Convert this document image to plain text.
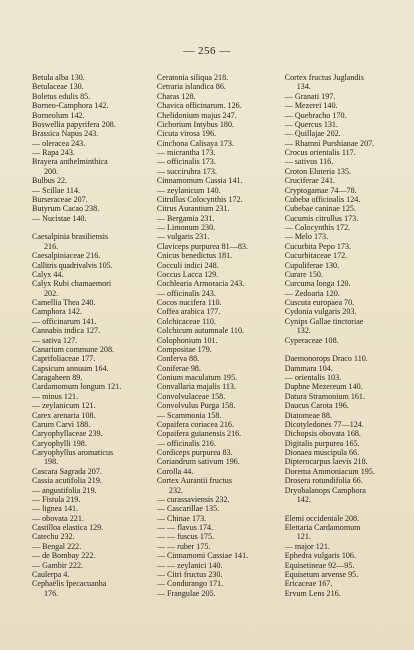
— 256 —
Betula alba 130.
Betulaceae 130.
Boletus edulis 85.
Borneo-Camphora 142.
Borneolum 142.
Boswellia papyrifera 208.
Brassica Napus 243.
— oleracea 243.
— Rapa 243.
Brayera anthelminthica
200.
Bulbus 22.
— Scillae 114.
Burseraceae 207.
Butyrum Cacao 238.
— Nucistae 140.
Caesalpinia brasiliensis
216.
Caesalpiniaceae 216.
Callitris quadrivalvis 105.
Calyx 44.
Calyx Rubi chamaemori
202.
Camellia Thea 240.
Camphora 142.
— officinarum 141.
Cannabis indica 127.
— sativa 127.
Canarium commune 208.
Caprifoliaceae 177.
Capsicum annuum 164.
Caragaheen 89.
Cardamomum longum 121.
— minus 121.
— zeylanicum 121.
Carex arenaria 108.
Carum Carvi 188.
Caryophyllaceae 239.
Caryophylli 198.
Caryophyllus aromaticus
198.
Cascara Sagrada 207.
Cassia acutifolia 219.
— angustifolia 219.
— Fistula 219.
— lignea 141.
— obovata 221.
Castilloa elastica 129.
Catechu 232.
— Bengal 222.
— de Bombay 222.
— Gambir 222.
Caulerpa 4.
Cephaëlis Ipecacuanha
176.
Ceratonia siliqua 218.
Cetraria islandica 86.
Charas 128.
Chavica officinarum. 126.
Chelidonium majus 247.
Cichorium Intybus 180.
Cicuta virosa 196.
Cinchona Calisaya 173.
— micrantha 173.
— officinalis 173.
— succirubra 173.
Cinnamomum Cassia 141.
— zeylanicum 140.
Citrullus Colocynthis 172.
Citrus Aurantium 231.
— Bergamia 231.
— Limonum 230.
— vulgaris 231.
Claviceps purpurea 81—83.
Cnicus benedictus 181.
Cocculi indici 248.
Coccus Lacca 129.
Cochlearia Armoracia 243.
— officinalis 243.
Cocos nucifera 110.
Coffea arabica 177.
Colchicaceae 110.
Colchicum autumnale 110.
Colophonium 101.
Compositae 179.
Conferva 88.
Coniferae 98.
Conium maculatum 195.
Convallaria majalis 113.
Convolvulaceae 158.
Convolvulus Purga 158.
— Scammonia 158.
Copaifera coriacea 216.
Copaifera guianensis 216.
— officinalis 216.
Cordiceps purpurea 83.
Coriandrum sativum 196.
Corolla 44.
Cortex Aurantii fructus
232.
— curassaviensis 232.
— Cascarillae 135.
— Chinae 173.
— — flavus 174.
— — fuscus 175.
— — ruber 175.
— Cinnamomi Cassiae 141.
— — zeylanici 140.
— Citri fructus 230.
— Condurango 171.
— Frangulae 205.
Cortex fructus Juglandis
134.
— Granati 197.
— Mezerei 140.
— Quebracho 170.
— Quercus 131.
— Quillajae 202.
— Rhamni Purshianae 207.
Crocus orientalis 117.
— sativus 116.
Croton Eluteria 135.
Cruciferae 241.
Cryptogamae 74—78.
Cubeba officinalis 124.
Cubebae caninae 125.
Cucumis citrullus 173.
— Colocynthis 172.
— Melo 173.
Cucurbita Pepo 173.
Cucurbitaceae 172.
Cupuliferae 130.
Curare 150.
Curcuma longa 120.
— Zedoaria 120.
Cuscuta europaea 70.
Cydonia vulgaris 203.
Cynips Gallae tinctoriae
132.
Cyperaceae 108.
Daemonorops Draco 110.
Dammara 104.
— orientalis 103.
Daphne Mezereum 140.
Datura Stramonium 161.
Daucus Carota 196.
Diatomeae 88.
Dicotyledones 77—124.
Dichopsis obovata 168.
Digitalis purpurea 165.
Dionaea muscipula 66.
Dipterocarpus laevis 218.
Dorema Ammoniacum 195.
Drosera rotundifolia 66.
Dryobalanops Camphora
142.
Elemi occidentale 208.
Elettaria Cardamomum
121.
— major 121.
Ephedra vulgaris 106.
Equisetineae 92—95.
Equisetum arvense 95.
Ericaceae 167.
Ervum Lens 216.
